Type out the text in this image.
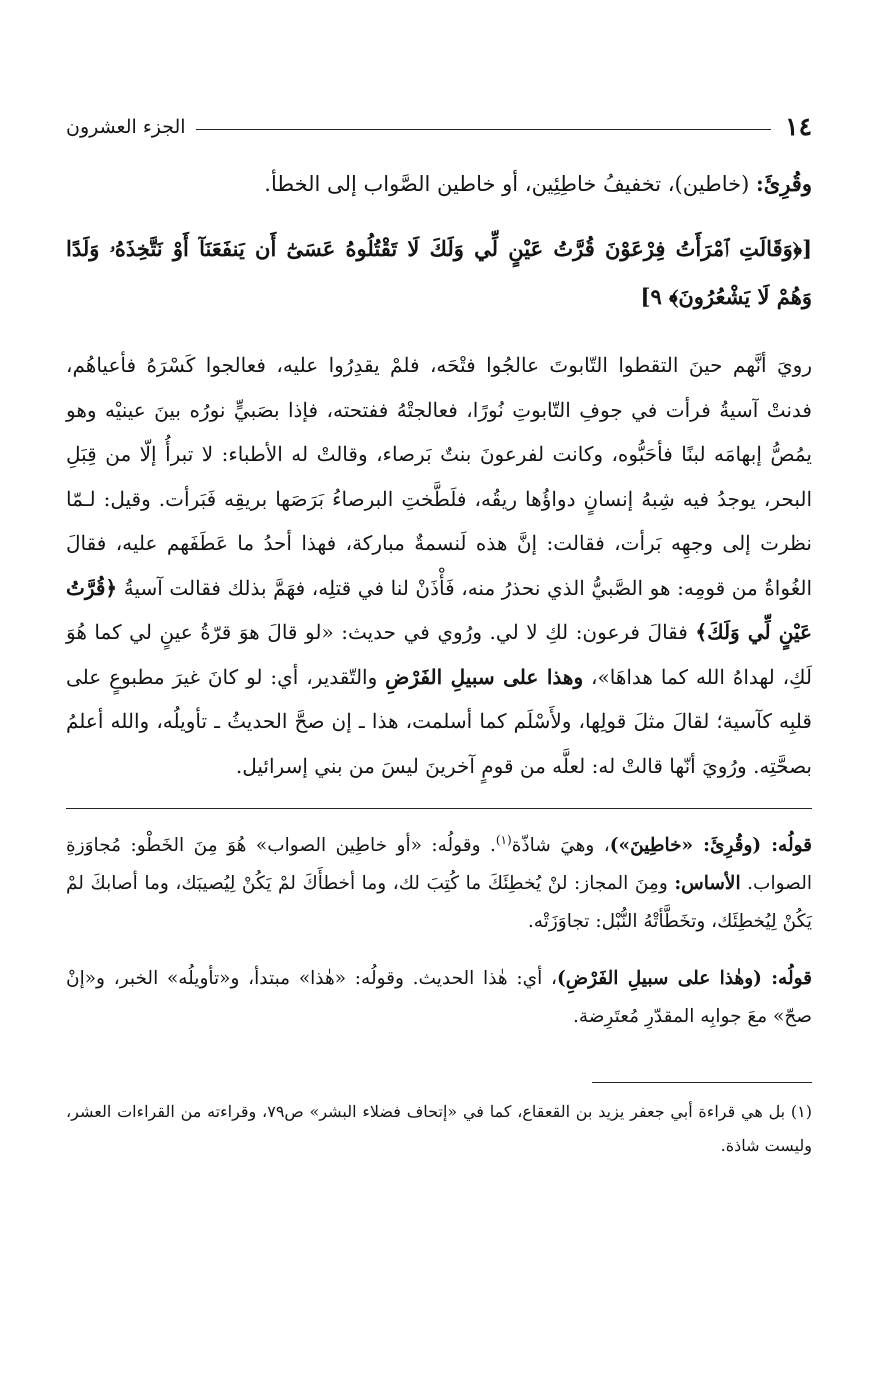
١٤
الجزء العشرون

وقُرِئَ: (خاطين)، تخفيفُ خاطِئِين، أو خاطين الصَّواب إلى الخطأ.

[﴿وَقَالَتِ ٱمْرَأَتُ فِرْعَوْنَ قُرَّتُ عَيْنٍ لِّي وَلَكَ لَا تَقْتُلُوهُ عَسَىٰٓ أَن يَنفَعَنَآ أَوْ نَتَّخِذَهُۥ وَلَدًا وَهُمْ لَا يَشْعُرُونَ﴾ ٩]

رويَ أنَّهم حينَ التقطوا التّابوتَ عالجُوا فتْحَه، فلمْ يقدِرُوا عليه، فعالجوا كَسْرَهُ فأعياهُم، فدنتْ آسيةُ فرأت في جوفِ التّابوتِ نُورًا، فعالجتْهُ ففتحته، فإذا بصَبيٍّ نورُه بينَ عينيْه وهو يمُصُّ إبهامَه لبنًا فأحَبُّوه، وكانت لفرعونَ بنتٌ بَرصاء، وقالتْ له الأطباء: لا تبرأُ إلّا من قِبَلِ البحر، يوجدُ فيه شِبهُ إنسانٍ دواؤُها ريقُه، فلَطَّختِ البرصاءُ بَرَصَها بريقِه فَبَرأت. وقيل: لـمّا نظرت إلى وجهِه بَرأت، فقالت: إنَّ هذه لَنسمةٌ مباركة، فهذا أحدُ ما عَطَفَهم عليه، فقالَ الغُواةُ من قومِه: هو الصَّبيُّ الذي نحذرُ منه، فَأْذَنْ لنا في قتلِه، فهَمَّ بذلك فقالت آسيةُ ﴿قُرَّتُ عَيْنٍ لِّي وَلَكَ﴾ فقالَ فرعون: لكِ لا لي. ورُوي في حديث: «لو قالَ هوَ قرّةُ عينٍ لي كما هُوَ لَكِ، لهداهُ الله كما هداهَا»، وهذا على سبيلِ الفَرْضِ والتّقدير، أي: لو كانَ غيرَ مطبوعٍ على قلبِه كآسية؛ لقالَ مثلَ قولِها، ولأَسْلَم كما أسلمت، هذا ـ إن صحَّ الحديثُ ـ تأويلُه، والله أعلمُ بصحَّتِه. ورُويَ أنّها قالتْ له: لعلَّه من قومٍ آخرينَ ليسَ من بني إسرائيل.

قولُه: (وقُرِئَ: «خاطِينَ»)، وهيَ شاذّة$^{(١)}$. وقولُه: «أو خاطِين الصواب» هُوَ مِنَ الخَطْو: مُجاوَزةِ الصواب. الأساس: ومِنَ المجاز: لنْ يُخطِئَكَ ما كُتِبَ لك، وما أخطأَكَ لمْ يَكُنْ لِيُصيبَك، وما أصابكَ لمْ يَكُنْ لِيُخطِئَك، وتخَطَّأتْهُ النُّبْل: تجاوَزَتْه.

قولُه: (وهٰذا على سبيلِ الفَرْضِ)، أي: هٰذا الحديث. وقولُه: «هٰذا» مبتدأ، و«تأويلُه» الخبر، و«إنْ صحّ» معَ جوابِه المقدّرِ مُعتَرِضة.

(١) بل هي قراءة أبي جعفر يزيد بن القعقاع، كما في «إتحاف فضلاء البشر» ص٧٩، وقراءته من القراءات العشر، وليست شاذة.
